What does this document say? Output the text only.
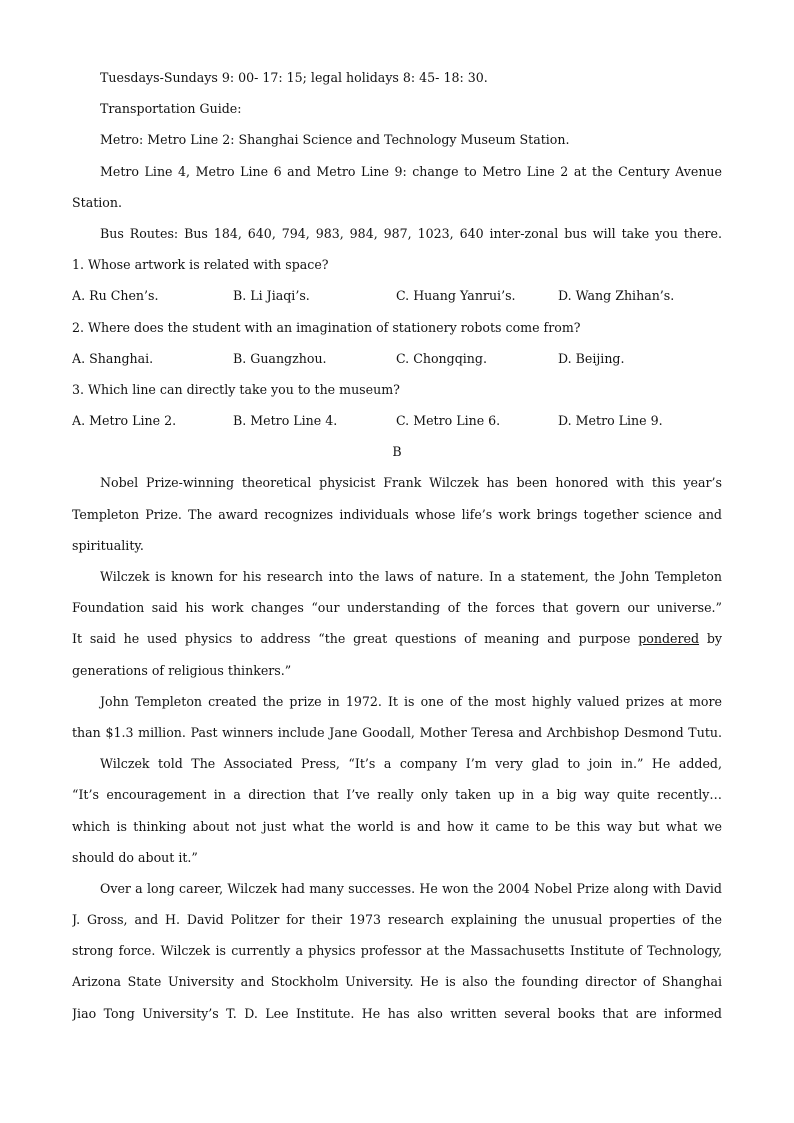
Tuesdays-Sundays 9: 00- 17: 15; legal holidays 8: 45- 18: 30.
Transportation Guide:
Metro: Metro Line 2: Shanghai Science and Technology Museum Station.
Metro Line 4, Metro Line 6 and Metro Line 9: change to Metro Line 2 at the Century Avenue
Station.
Bus Routes: Bus 184, 640, 794, 983, 984, 987, 1023, 640 inter-zonal bus will take you there.
1. Whose artwork is related with space?
A. Ru Chen’s.	B. Li Jiaqi’s.	C. Huang Yanrui’s.	D. Wang Zhihan’s.
2. Where does the student with an imagination of stationery robots come from?
A. Shanghai.	B. Guangzhou.	C. Chongqing.	D. Beijing.
3. Which line can directly take you to the museum?
A. Metro Line 2.	B. Metro Line 4.	C. Metro Line 6.	D. Metro Line 9.
B
Nobel Prize-winning theoretical physicist Frank Wilczek has been honored with this year’s
Templeton Prize. The award recognizes individuals whose life’s work brings together science and
spirituality.
Wilczek is known for his research into the laws of nature. In a statement, the John Templeton
Foundation said his work changes “our understanding of the forces that govern our universe.”
It said he used physics to address “the great questions of meaning and purpose pondered by
generations of religious thinkers.”
John Templeton created the prize in 1972. It is one of the most highly valued prizes at more
than $1.3 million. Past winners include Jane Goodall, Mother Teresa and Archbishop Desmond Tutu.
Wilczek told The Associated Press, “It’s a company I’m very glad to join in.” He added,
“It’s encouragement in a direction that I’ve really only taken up in a big way quite recently…
which is thinking about not just what the world is and how it came to be this way but what we
should do about it.”
Over a long career, Wilczek had many successes. He won the 2004 Nobel Prize along with David
J. Gross, and H. David Politzer for their 1973 research explaining the unusual properties of the
strong force. Wilczek is currently a physics professor at the Massachusetts Institute of Technology,
Arizona State University and Stockholm University. He is also the founding director of Shanghai
Jiao Tong University’s T. D. Lee Institute. He has also written several books that are informed
